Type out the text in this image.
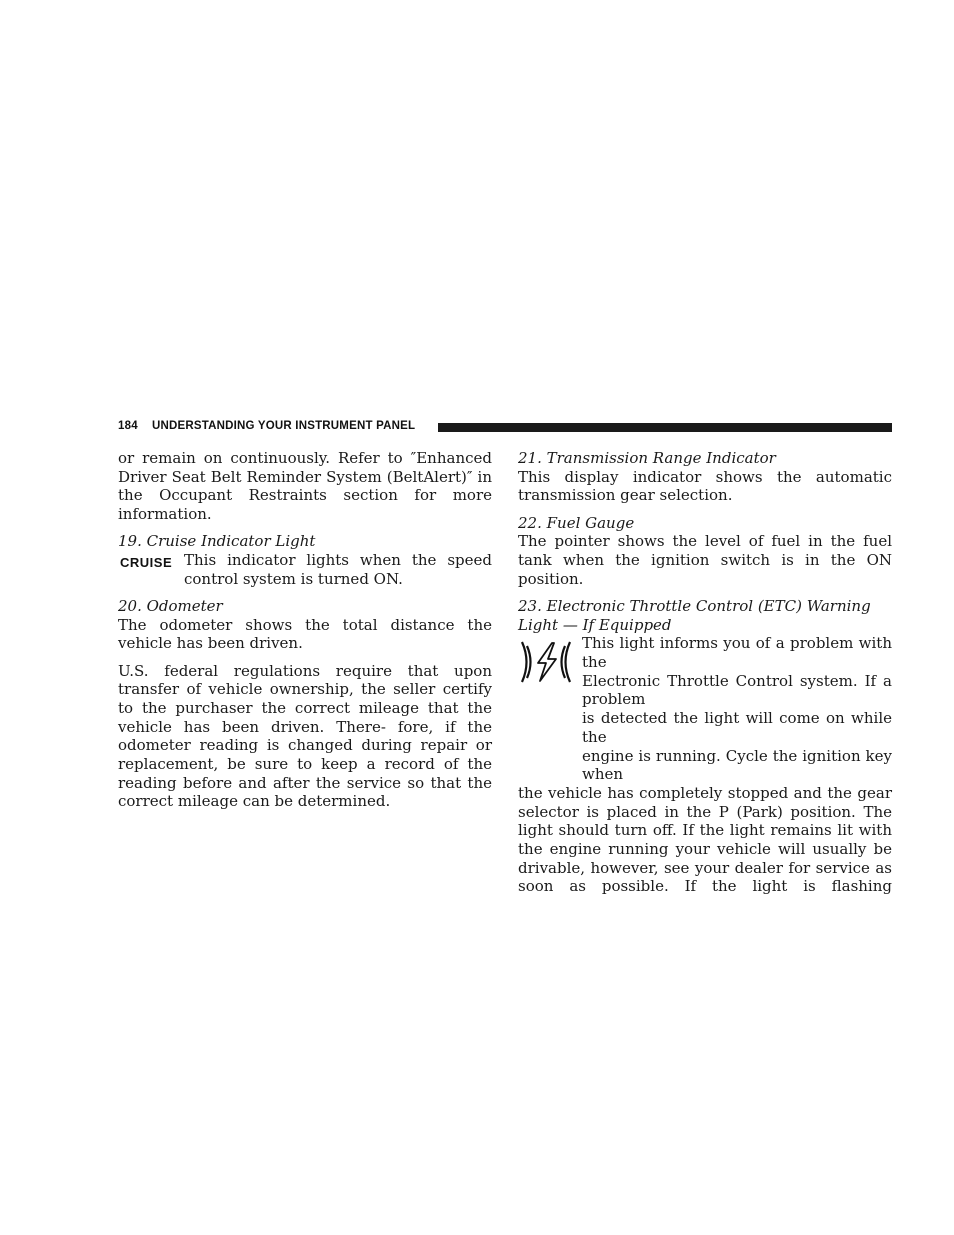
184 UNDERSTANDING YOUR INSTRUMENT PANEL

or remain on continuously. Refer to ″Enhanced Driver Seat Belt Reminder System (BeltAlert)″ in the Occupant Restraints section for more information.

19. Cruise Indicator Light
CRUISE This indicator lights when the speed control system is turned ON.

20. Odometer

The odometer shows the total distance the vehicle has been driven.

U.S. federal regulations require that upon transfer of vehicle ownership, the seller certify to the purchaser the correct mileage that the vehicle has been driven. There- fore, if the odometer reading is changed during repair or replacement, be sure to keep a record of the reading before and after the service so that the correct mileage can be determined.

21. Transmission Range Indicator

This display indicator shows the automatic transmission gear selection.

22. Fuel Gauge

The pointer shows the level of fuel in the fuel tank when the ignition switch is in the ON position.

23. Electronic Throttle Control (ETC) Warning Light — If Equipped

This light informs you of a problem with the

Electronic Throttle Control system. If a problem

is detected the light will come on while the

engine is running. Cycle the ignition key when

the vehicle has completely stopped and the gear selector is placed in the P (Park) position. The light should turn off. If the light remains lit with the engine running your vehicle will usually be drivable, however, see your dealer for service as soon as possible. If the light is flashing
